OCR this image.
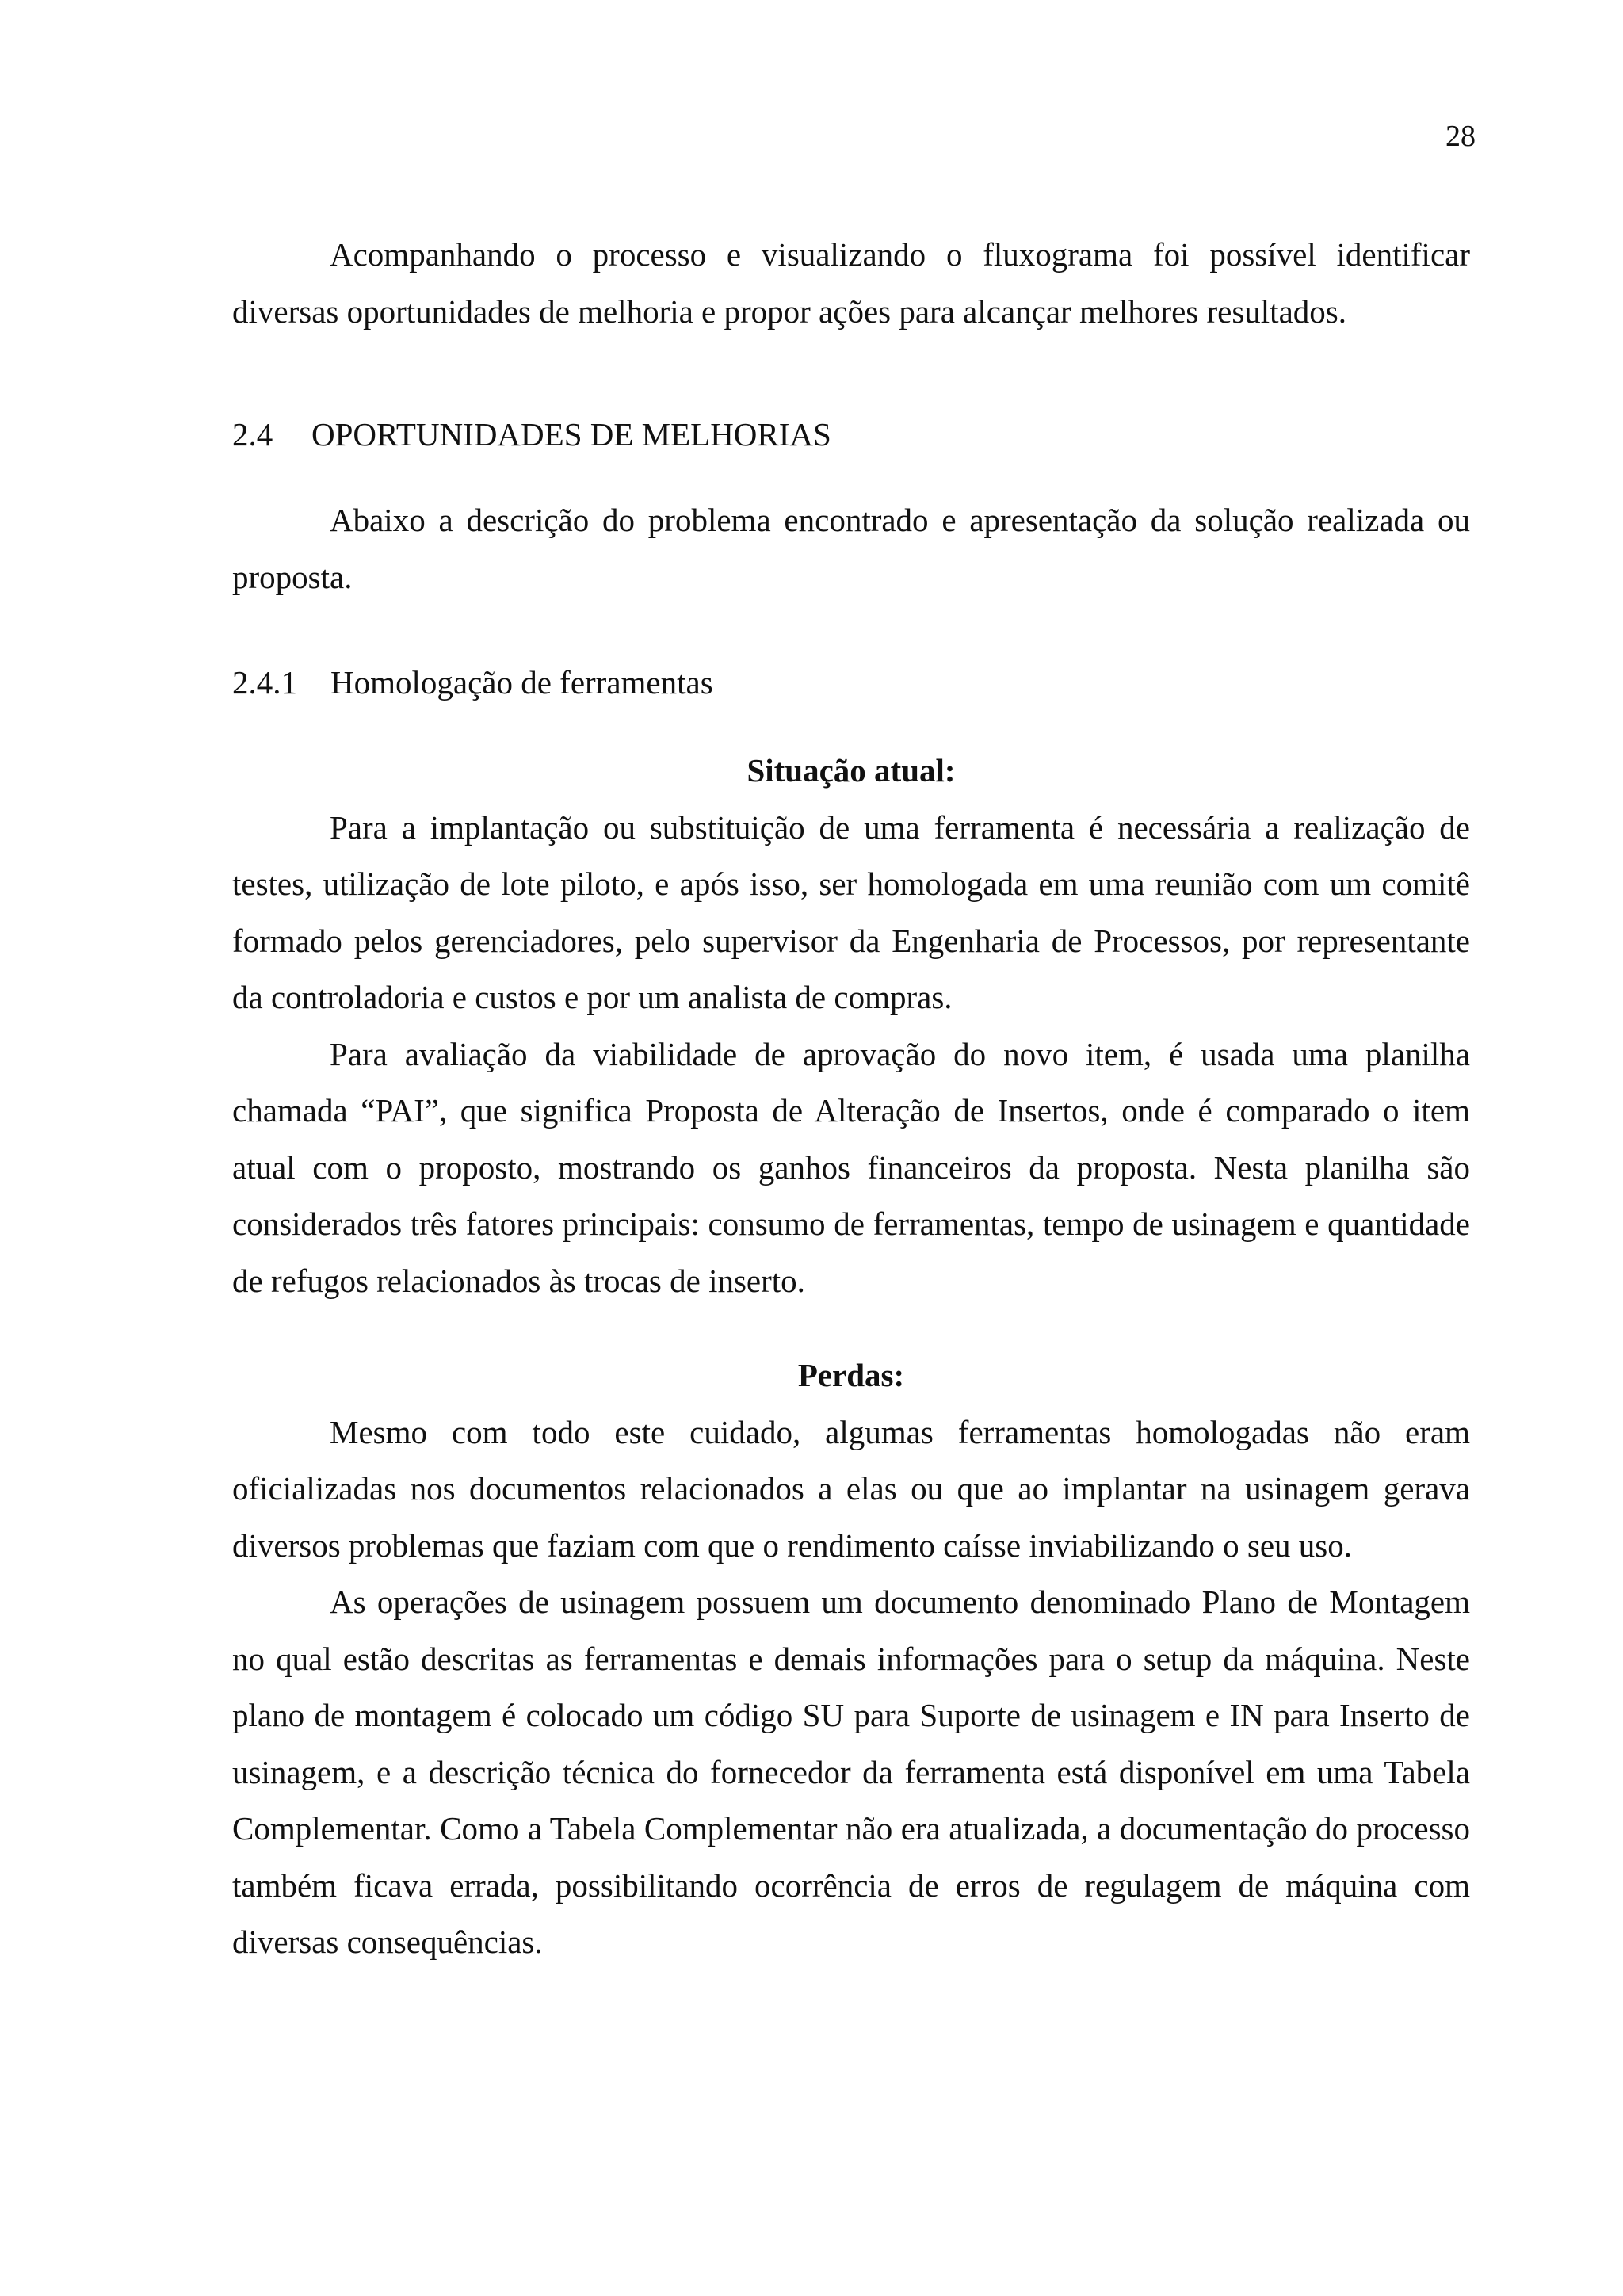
28

Acompanhando o processo e visualizando o fluxograma foi possível identificar diversas oportunidades de melhoria e propor ações para alcançar melhores resultados.

2.4 OPORTUNIDADES DE MELHORIAS

Abaixo a descrição do problema encontrado e apresentação da solução realizada ou proposta.

2.4.1 Homologação de ferramentas

Situação atual:

Para a implantação ou substituição de uma ferramenta é necessária a realização de testes, utilização de lote piloto, e após isso, ser homologada em uma reunião com um comitê formado pelos gerenciadores, pelo supervisor da Engenharia de Processos, por representante da controladoria e custos e por um analista de compras.

Para avaliação da viabilidade de aprovação do novo item, é usada uma planilha chamada “PAI”, que significa Proposta de Alteração de Insertos, onde é comparado o item atual com o proposto, mostrando os ganhos financeiros da proposta. Nesta planilha são considerados três fatores principais: consumo de ferramentas, tempo de usinagem e quantidade de refugos relacionados às trocas de inserto.

Perdas:

Mesmo com todo este cuidado, algumas ferramentas homologadas não eram oficializadas nos documentos relacionados a elas ou que ao implantar na usinagem gerava diversos problemas que faziam com que o rendimento caísse inviabilizando o seu uso.

As operações de usinagem possuem um documento denominado Plano de Montagem no qual estão descritas as ferramentas e demais informações para o setup da máquina. Neste plano de montagem é colocado um código SU para Suporte de usinagem e IN para Inserto de usinagem, e a descrição técnica do fornecedor da ferramenta está disponível em uma Tabela Complementar. Como a Tabela Complementar não era atualizada, a documentação do processo também ficava errada, possibilitando ocorrência de erros de regulagem de máquina com diversas consequências.
